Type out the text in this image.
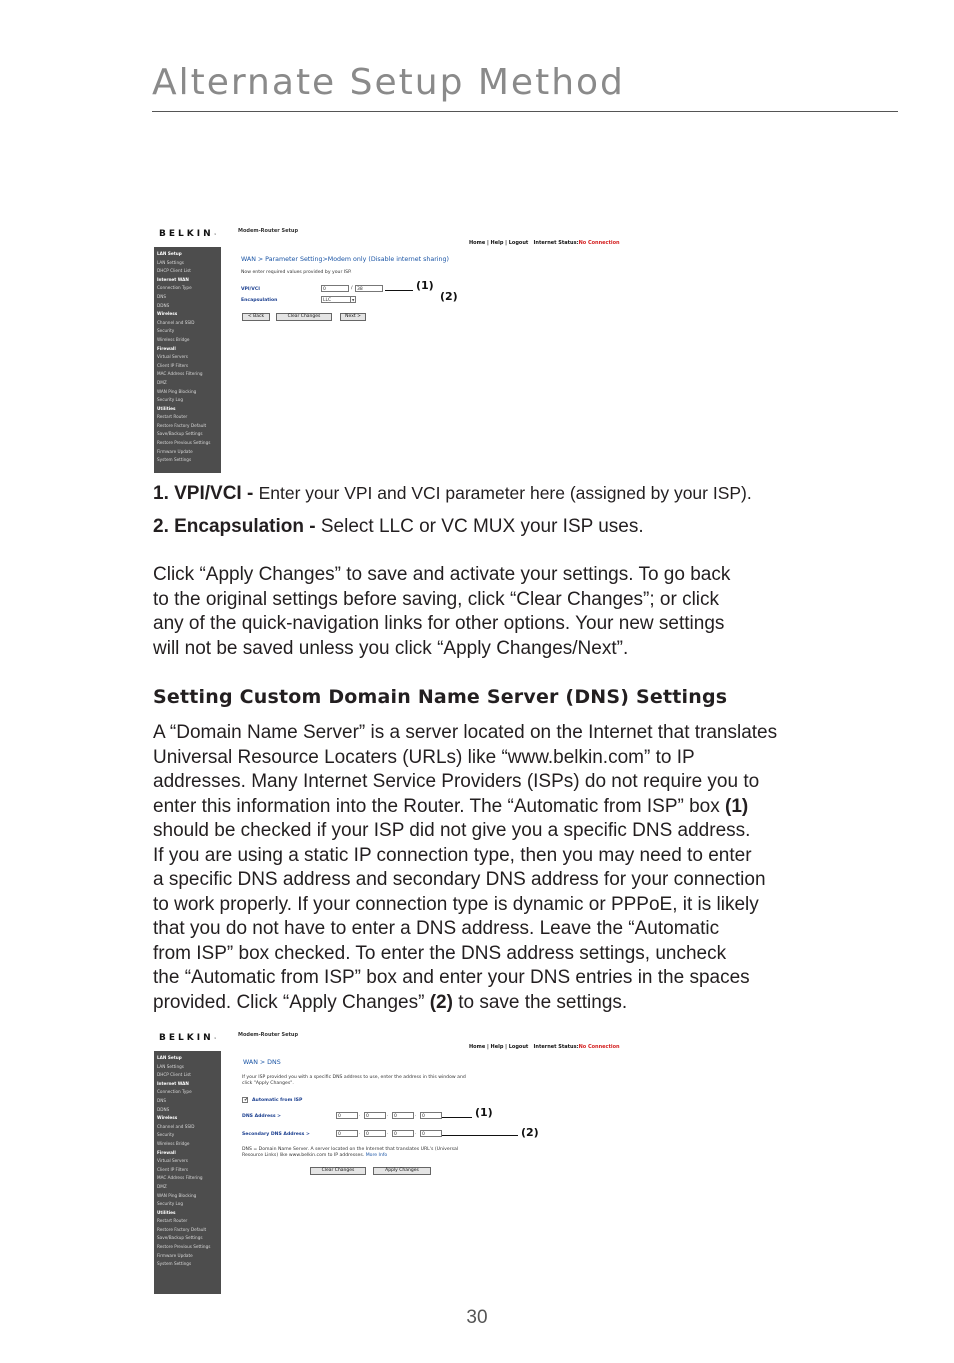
Alternate Setup Method
BELKIN™
Modem-Router Setup
Home | Help | Logout Internet Status:No Connection
LAN Setup
LAN Settings
DHCP Client List
Internet WAN
Connection Type
DNS
DDNS
Wireless
Channel and SSID
Security
Wireless Bridge
Firewall
Virtual Servers
Client IP Filters
MAC Address Filtering
DMZ
WAN Ping Blocking
Security Log
Utilities
Restart Router
Restore Factory Default
Save/Backup Settings
Restore Previous Settings
Firmware Update
System Settings
WAN > Parameter Setting>Modem only (Disable internet sharing)
Now enter required values provided by your ISP.
VPI/VCI	0	/ 38
Encapsulation	LLC	▼
< Back	Clear Changes	Next >
(1)
(2)
1. VPI/VCI - Enter your VPI and VCI parameter here (assigned by your ISP).
2. Encapsulation - Select LLC or VC MUX your ISP uses.
Click “Apply Changes” to save and activate your settings. To go back
to the original settings before saving, click “Clear Changes”; or click
any of the quick-navigation links for other options. Your new settings
will not be saved unless you click “Apply Changes/Next”.
Setting Custom Domain Name Server (DNS) Settings
A “Domain Name Server” is a server located on the Internet that translates
Universal Resource Locaters (URLs) like “www.belkin.com” to IP
addresses. Many Internet Service Providers (ISPs) do not require you to
enter this information into the Router. The “Automatic from ISP” box (1)
should be checked if your ISP did not give you a specific DNS address.
If you are using a static IP connection type, then you may need to enter
a specific DNS address and secondary DNS address for your connection
to work properly. If your connection type is dynamic or PPPoE, it is likely
that you do not have to enter a DNS address. Leave the “Automatic
from ISP” box checked. To enter the DNS address settings, uncheck
the “Automatic from ISP” box and enter your DNS entries in the spaces
provided. Click “Apply Changes” (2) to save the settings.
BELKIN™
Modem-Router Setup
Home | Help | Logout Internet Status:No Connection
LAN Setup
LAN Settings
DHCP Client List
Internet WAN
Connection Type
DNS
DDNS
Wireless
Channel and SSID
Security
Wireless Bridge
Firewall
Virtual Servers
Client IP Filters
MAC Address Filtering
DMZ
WAN Ping Blocking
Security Log
Utilities
Restart Router
Restore Factory Default
Save/Backup Settings
Restore Previous Settings
Firmware Update
System Settings
WAN > DNS
If your ISP provided you with a specific DNS address to use, enter the address in this window and
click "Apply Changes".
✔ Automatic from ISP
DNS Address >	0	.	0	.	0	.	0
Secondary DNS Address >	0	.	0	.	0	.	0
DNS = Domain Name Server. A server located on the Internet that translates URL's (Universal
Resource Links) like www.belkin.com to IP addresses. More Info
Clear Changes	Apply Changes
(1)
(2)
30
